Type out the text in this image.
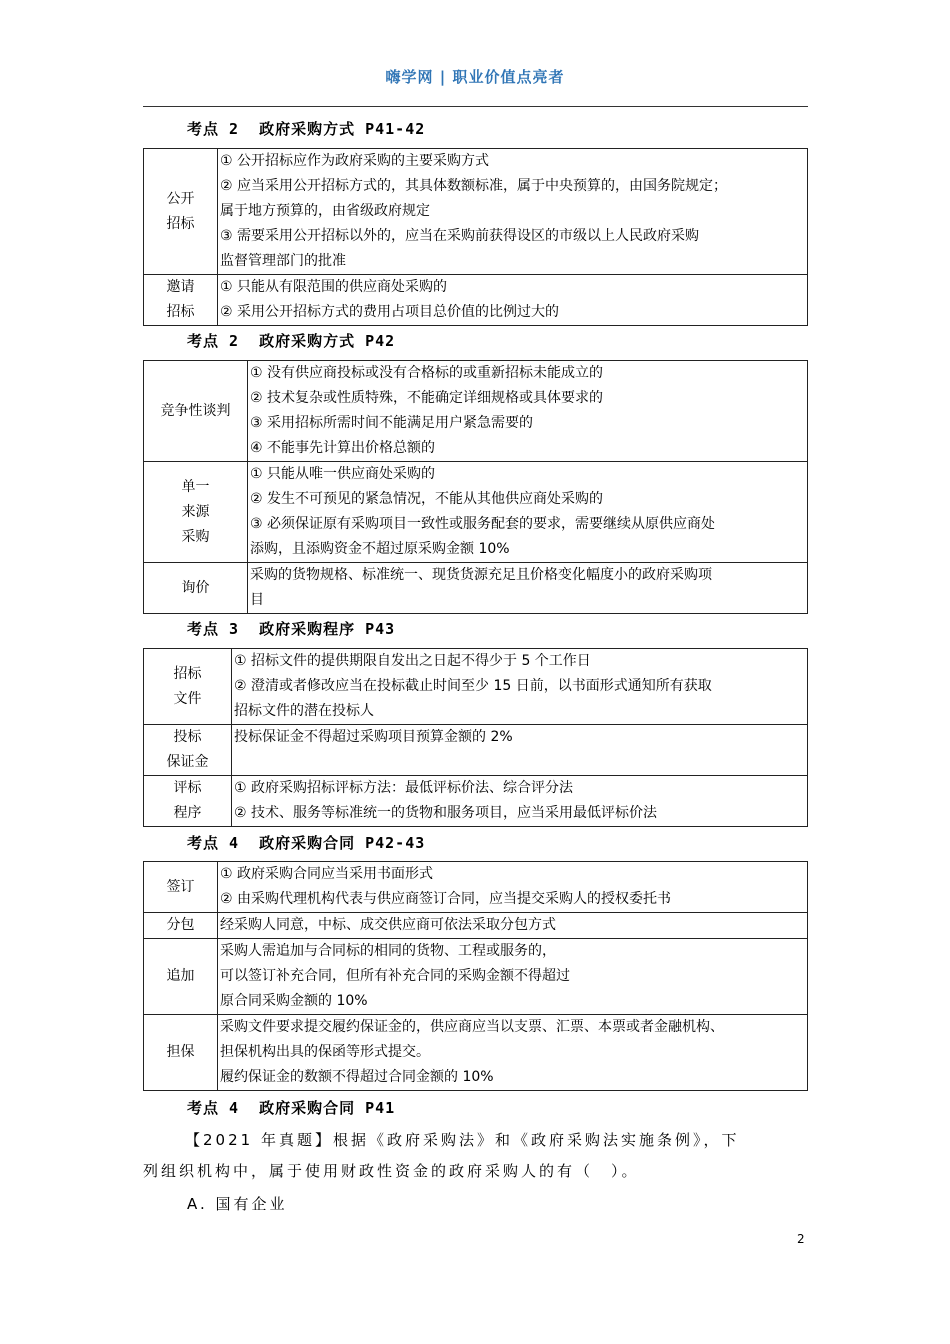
嗨学网 | 职业价值点亮者
考点 2 政府采购方式 P41-42
公开
招标	① 公开招标应作为政府采购的主要采购方式
② 应当采用公开招标方式的，其具体数额标准，属于中央预算的，由国务院规定；
属于地方预算的，由省级政府规定
③ 需要采用公开招标以外的，应当在采购前获得设区的市级以上人民政府采购
监督管理部门的批准

邀请
招标	① 只能从有限范围的供应商处采购的
② 采用公开招标方式的费用占项目总价值的比例过大的
考点 2 政府采购方式 P42
竞争性谈判	① 没有供应商投标或没有合格标的或重新招标未能成立的
② 技术复杂或性质特殊，不能确定详细规格或具体要求的
③ 采用招标所需时间不能满足用户紧急需要的
④ 不能事先计算出价格总额的

单一
来源
采购	① 只能从唯一供应商处采购的
② 发生不可预见的紧急情况，不能从其他供应商处采购的
③ 必须保证原有采购项目一致性或服务配套的要求，需要继续从原供应商处
添购，且添购资金不超过原采购金额 10%

询价	采购的货物规格、标准统一、现货货源充足且价格变化幅度小的政府采购项
目
考点 3 政府采购程序 P43
招标
文件	① 招标文件的提供期限自发出之日起不得少于 5 个工作日
② 澄清或者修改应当在投标截止时间至少 15 日前，以书面形式通知所有获取
招标文件的潜在投标人

投标
保证金	投标保证金不得超过采购项目预算金额的 2%

评标
程序	① 政府采购招标评标方法：最低评标价法、综合评分法
② 技术、服务等标准统一的货物和服务项目，应当采用最低评标价法
考点 4 政府采购合同 P42-43
签订	① 政府采购合同应当采用书面形式
② 由采购代理机构代表与供应商签订合同，应当提交采购人的授权委托书

分包	经采购人同意，中标、成交供应商可依法采取分包方式

追加	采购人需追加与合同标的相同的货物、工程或服务的，
可以签订补充合同，但所有补充合同的采购金额不得超过
原合同采购金额的 10%

担保	采购文件要求提交履约保证金的，供应商应当以支票、汇票、本票或者金融机构、
担保机构出具的保函等形式提交。
履约保证金的数额不得超过合同金额的 10%
考点 4 政府采购合同 P41
【2021 年真题】根据《政府采购法》和《政府采购法实施条例》，下
列组织机构中，属于使用财政性资金的政府采购人的有（　）。
A. 国有企业
2
